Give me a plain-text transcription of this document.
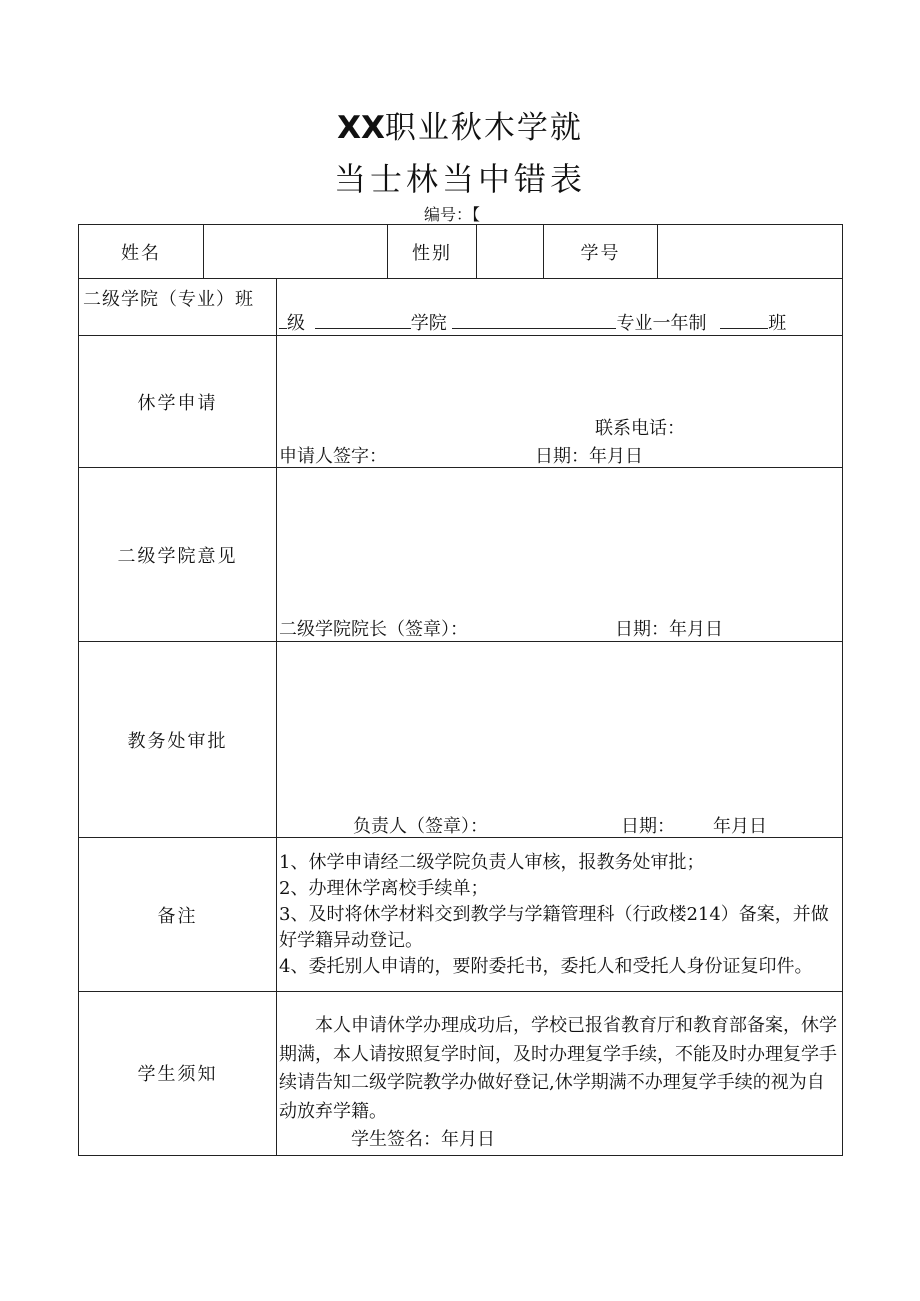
XX职业秋木学就
当士林当中错表
编号：【
姓名			性别		学号	

二级学院（专业）班		级 学院 专业一年制 班				

休学申请		联系电话：
申请人签字： 日期：年月日				

二级学院意见		二级学院院长（签章）： 日期：年月日				

教务处审批		负责人（签章）： 日期： 年月日				

备注		1、休学申请经二级学院负责人审核，报教务处审批；
2、办理休学离校手续单；
3、及时将休学材料交到教学与学籍管理科（行政楼214）备案，并做好学籍异动登记。
4、委托别人申请的，要附委托书，委托人和受托人身份证复印件。				

学生须知		本人申请休学办理成功后，学校已报省教育厅和教育部备案，休学期满，本人请按照复学时间，及时办理复学手续，不能及时办理复学手续请告知二级学院教学办做好登记,休学期满不办理复学手续的视为自动放弃学籍。
学生签名：年月日				
